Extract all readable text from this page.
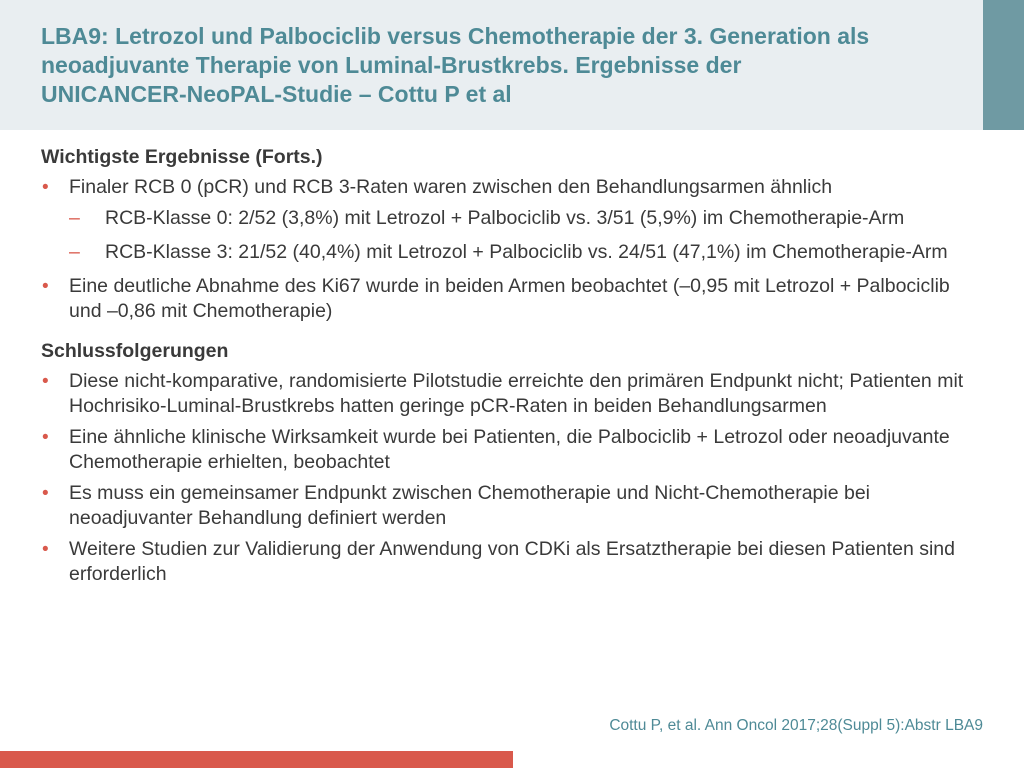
LBA9: Letrozol und Palbociclib versus Chemotherapie der 3. Generation als
neoadjuvante Therapie von Luminal-Brustkrebs. Ergebnisse der
UNICANCER-NeoPAL-Studie – Cottu P et al
Wichtigste Ergebnisse (Forts.)
• Finaler RCB 0 (pCR) und RCB 3-Raten waren zwischen den Behandlungsarmen ähnlich
– RCB-Klasse 0: 2/52 (3,8%) mit Letrozol + Palbociclib vs. 3/51 (5,9%) im Chemotherapie-Arm
– RCB-Klasse 3: 21/52 (40,4%) mit Letrozol + Palbociclib vs. 24/51 (47,1%) im Chemotherapie-Arm
• Eine deutliche Abnahme des Ki67 wurde in beiden Armen beobachtet (–0,95 mit Letrozol + Palbociclib und –0,86 mit Chemotherapie)
Schlussfolgerungen
• Diese nicht-komparative, randomisierte Pilotstudie erreichte den primären Endpunkt nicht; Patienten mit Hochrisiko-Luminal-Brustkrebs hatten geringe pCR-Raten in beiden Behandlungsarmen
• Eine ähnliche klinische Wirksamkeit wurde bei Patienten, die Palbociclib + Letrozol oder neoadjuvante Chemotherapie erhielten, beobachtet
• Es muss ein gemeinsamer Endpunkt zwischen Chemotherapie und Nicht-Chemotherapie bei neoadjuvanter Behandlung definiert werden
• Weitere Studien zur Validierung der Anwendung von CDKi als Ersatztherapie bei diesen Patienten sind erforderlich
Cottu P, et al. Ann Oncol 2017;28(Suppl 5):Abstr LBA9
